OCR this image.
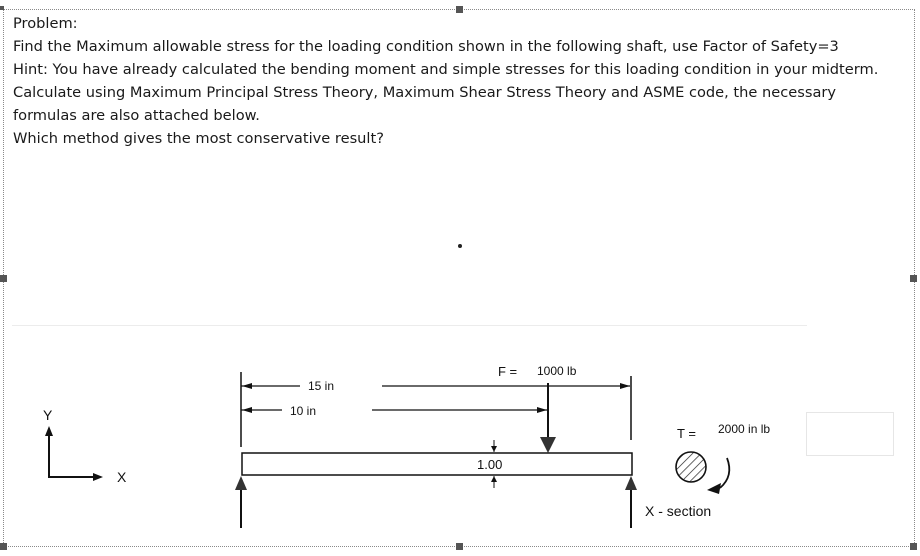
Problem:

Find the Maximum allowable stress for the loading condition shown in the following shaft, use Factor of Safety=3

Hint: You have already calculated the bending moment and simple stresses for this loading condition in your midterm.

Calculate using Maximum Principal Stress Theory, Maximum Shear Stress Theory and ASME code, the necessary formulas are also attached below.

Which method gives the most conservative result?

Y
X
15 in
10 in
F = 1000 lb
1.00
T = 2000 in lb
X - section
